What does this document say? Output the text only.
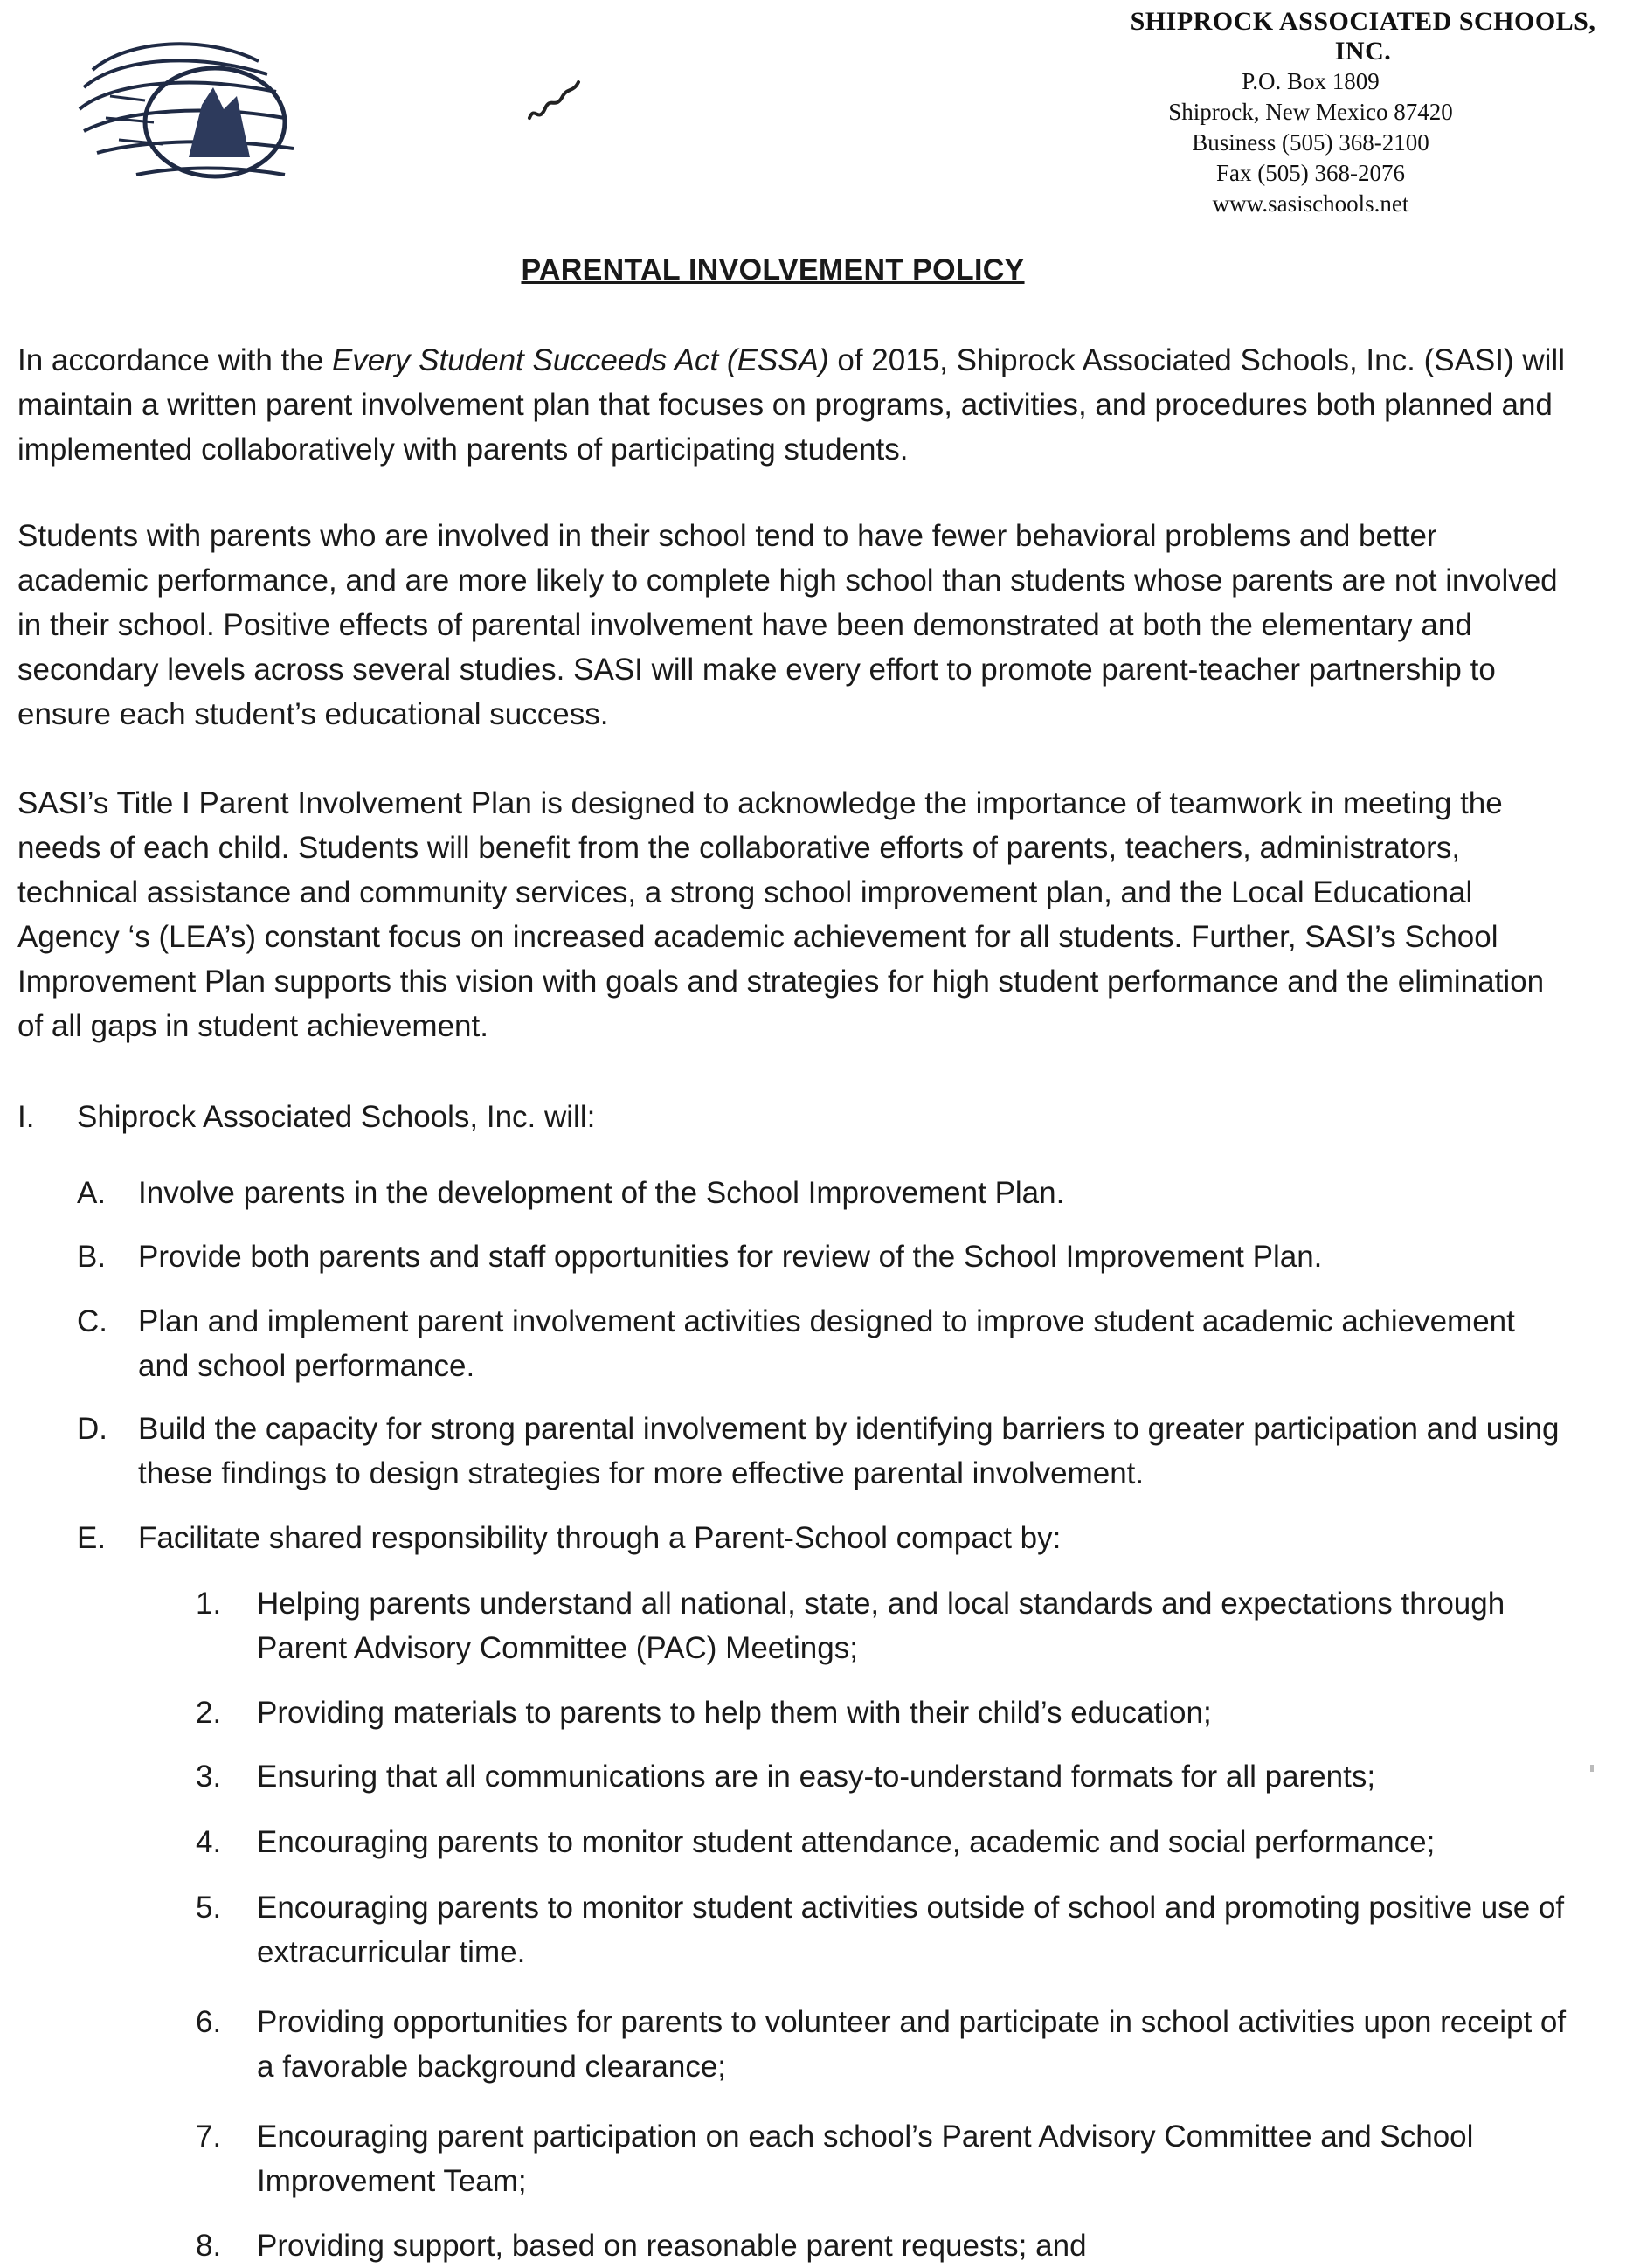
SHIPROCK ASSOCIATED SCHOOLS, INC.
P.O. Box 1809
Shiprock, New Mexico 87420
Business (505) 368-2100
Fax (505) 368-2076
www.sasischools.net
PARENTAL INVOLVEMENT POLICY
In accordance with the Every Student Succeeds Act (ESSA) of 2015, Shiprock Associated Schools, Inc. (SASI) will maintain a written parent involvement plan that focuses on programs, activities, and procedures both planned and implemented collaboratively with parents of participating students.
Students with parents who are involved in their school tend to have fewer behavioral problems and better academic performance, and are more likely to complete high school than students whose parents are not involved in their school. Positive effects of parental involvement have been demonstrated at both the elementary and secondary levels across several studies. SASI will make every effort to promote parent-teacher partnership to ensure each student’s educational success.
SASI’s Title I Parent Involvement Plan is designed to acknowledge the importance of teamwork in meeting the needs of each child. Students will benefit from the collaborative efforts of parents, teachers, administrators, technical assistance and community services, a strong school improvement plan, and the Local Educational Agency ‘s (LEA’s) constant focus on increased academic achievement for all students. Further, SASI’s School Improvement Plan supports this vision with goals and strategies for high student performance and the elimination of all gaps in student achievement.
I. Shiprock Associated Schools, Inc. will:
A.	Involve parents in the development of the School Improvement Plan.
B.	Provide both parents and staff opportunities for review of the School Improvement Plan.
C.	Plan and implement parent involvement activities designed to improve student academic achievement and school performance.
D.	Build the capacity for strong parental involvement by identifying barriers to greater participation and using these findings to design strategies for more effective parental involvement.
E.	Facilitate shared responsibility through a Parent-School compact by:
1.	Helping parents understand all national, state, and local standards and expectations through Parent Advisory Committee (PAC) Meetings;
2.	Providing materials to parents to help them with their child’s education;
3.	Ensuring that all communications are in easy-to-understand formats for all parents;
4.	Encouraging parents to monitor student attendance, academic and social performance;
5.	Encouraging parents to monitor student activities outside of school and promoting positive use of extracurricular time.
6.	Providing opportunities for parents to volunteer and participate in school activities upon receipt of a favorable background clearance;
7.	Encouraging parent participation on each school’s Parent Advisory Committee and School Improvement Team;
8.	Providing support, based on reasonable parent requests; and
